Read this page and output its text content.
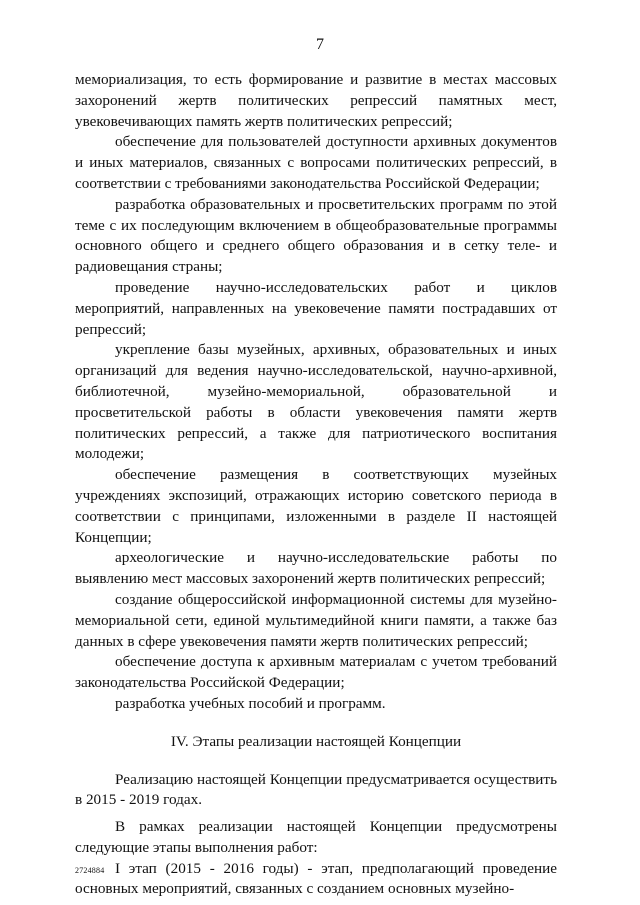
7

мемориализация, то есть формирование и развитие в местах массовых захоронений жертв политических репрессий памятных мест, увековечивающих память жертв политических репрессий;

обеспечение для пользователей доступности архивных документов и иных материалов, связанных с вопросами политических репрессий, в соответствии с требованиями законодательства Российской Федерации;

разработка образовательных и просветительских программ по этой теме с их последующим включением в общеобразовательные программы основного общего и среднего общего образования и в сетку теле- и радиовещания страны;

проведение научно-исследовательских работ и циклов мероприятий, направленных на увековечение памяти пострадавших от репрессий;

укрепление базы музейных, архивных, образовательных и иных организаций для ведения научно-исследовательской, научно-архивной, библиотечной, музейно-мемориальной, образовательной и просветительской работы в области увековечения памяти жертв политических репрессий, а также для патриотического воспитания молодежи;

обеспечение размещения в соответствующих музейных учреждениях экспозиций, отражающих историю советского периода в соответствии с принципами, изложенными в разделе II настоящей Концепции;

археологические и научно-исследовательские работы по выявлению мест массовых захоронений жертв политических репрессий;

создание общероссийской информационной системы для музейно-мемориальной сети, единой мультимедийной книги памяти, а также баз данных в сфере увековечения памяти жертв политических репрессий;

обеспечение доступа к архивным материалам с учетом требований законодательства Российской Федерации;

разработка учебных пособий и программ.

IV. Этапы реализации настоящей Концепции

Реализацию настоящей Концепции предусматривается осуществить в 2015 - 2019 годах.

В рамках реализации настоящей Концепции предусмотрены следующие этапы выполнения работ:

I этап (2015 - 2016 годы) - этап, предполагающий проведение основных мероприятий, связанных с созданием основных музейно-

2724884
